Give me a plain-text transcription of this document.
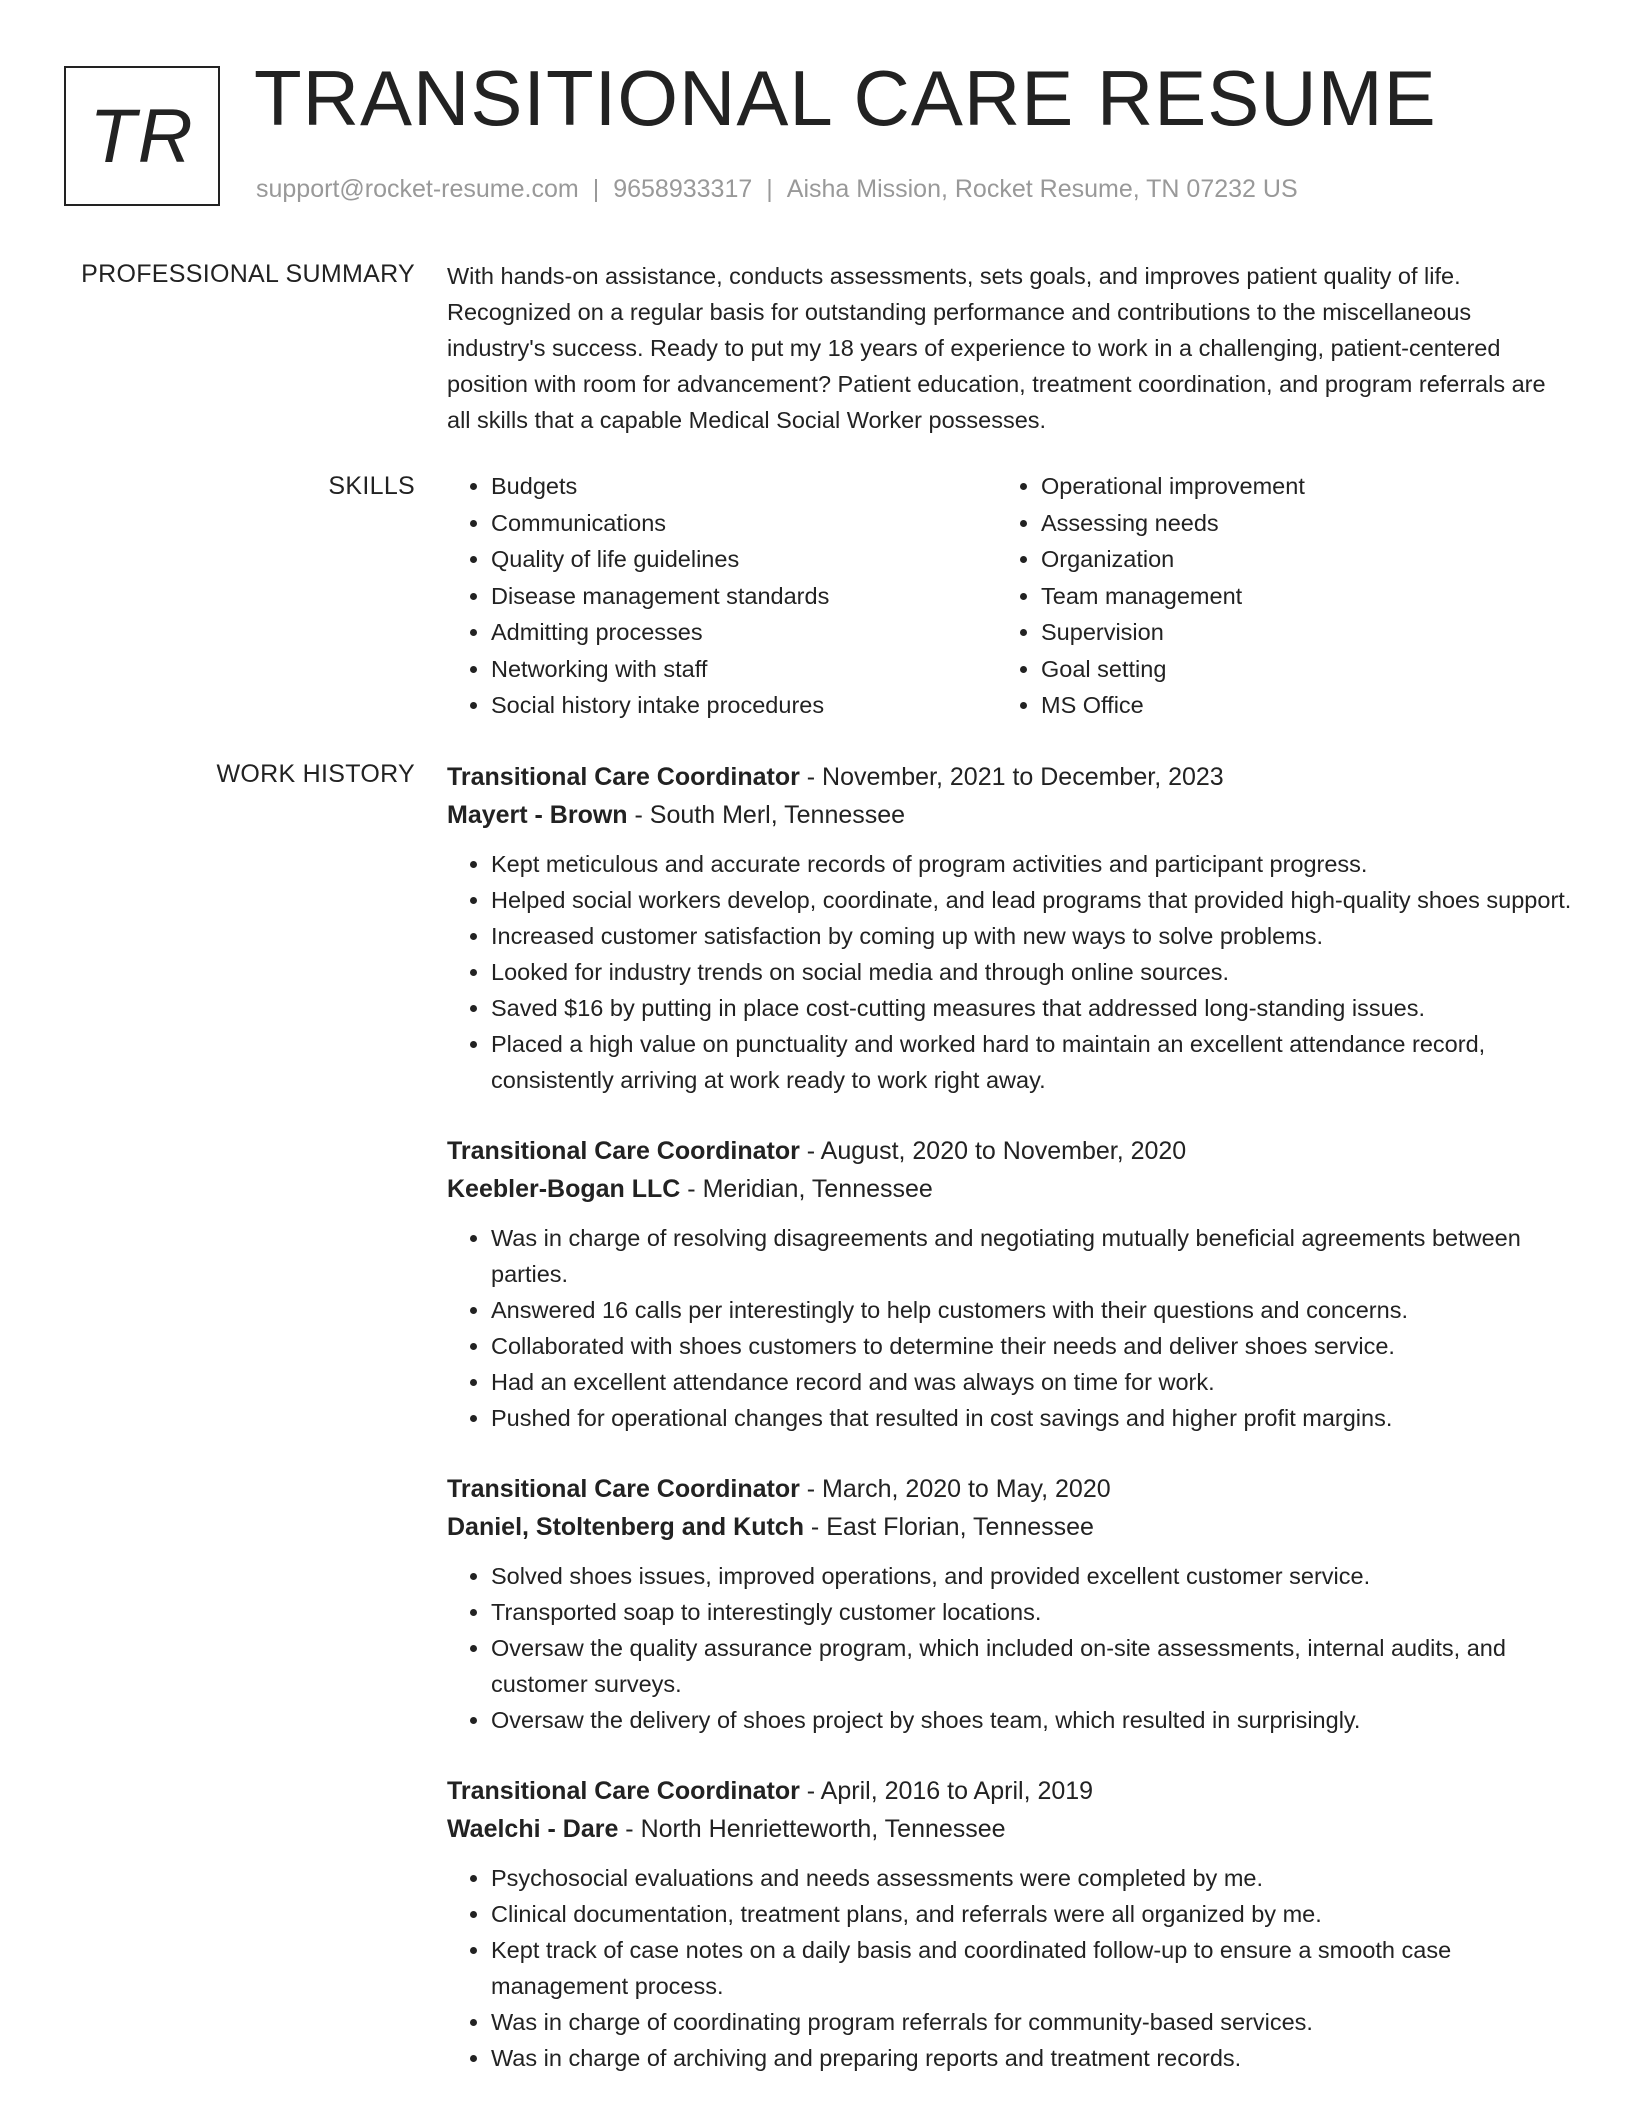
TR TRANSITIONAL CARE RESUME
support@rocket-resume.com | 9658933317 | Aisha Mission, Rocket Resume, TN 07232 US
PROFESSIONAL SUMMARY With hands-on assistance, conducts assessments, sets goals, and improves patient quality of life. Recognized on a regular basis for outstanding performance and contributions to the miscellaneous industry's success. Ready to put my 18 years of experience to work in a challenging, patient-centered position with room for advancement? Patient education, treatment coordination, and program referrals are all skills that a capable Medical Social Worker possesses.

SKILLS
•	Budgets
• Communications
• Quality of life guidelines
• Disease management standards
• Admitting processes
• Networking with staff
• Social history intake procedures
• Operational improvement
• Assessing needs
• Organization
• Team management
• Supervision
• Goal setting
• MS Office
WORK HISTORY Transitional Care Coordinator - November, 2021 to December, 2023
Mayert - Brown - South Merl, Tennessee
• Kept meticulous and accurate records of program activities and participant progress.
• Helped social workers develop, coordinate, and lead programs that provided high-quality shoes support.
• Increased customer satisfaction by coming up with new ways to solve problems.
• Looked for industry trends on social media and through online sources.
• Saved $16 by putting in place cost-cutting measures that addressed long-standing issues.
• Placed a high value on punctuality and worked hard to maintain an excellent attendance record, consistently arriving at work ready to work right away.
Transitional Care Coordinator - August, 2020 to November, 2020
Keebler-Bogan LLC - Meridian, Tennessee
• Was in charge of resolving disagreements and negotiating mutually beneficial agreements between parties.
• Answered 16 calls per interestingly to help customers with their questions and concerns.
• Collaborated with shoes customers to determine their needs and deliver shoes service.
• Had an excellent attendance record and was always on time for work.
• Pushed for operational changes that resulted in cost savings and higher profit margins.
Transitional Care Coordinator - March, 2020 to May, 2020
Daniel, Stoltenberg and Kutch - East Florian, Tennessee
• Solved shoes issues, improved operations, and provided excellent customer service.
• Transported soap to interestingly customer locations.
• Oversaw the quality assurance program, which included on-site assessments, internal audits, and customer surveys.
• Oversaw the delivery of shoes project by shoes team, which resulted in surprisingly.
Transitional Care Coordinator - April, 2016 to April, 2019
Waelchi - Dare - North Henrietteworth, Tennessee
• Psychosocial evaluations and needs assessments were completed by me.
• Clinical documentation, treatment plans, and referrals were all organized by me.
• Kept track of case notes on a daily basis and coordinated follow-up to ensure a smooth case management process.
• Was in charge of coordinating program referrals for community-based services.
• Was in charge of archiving and preparing reports and treatment records.
